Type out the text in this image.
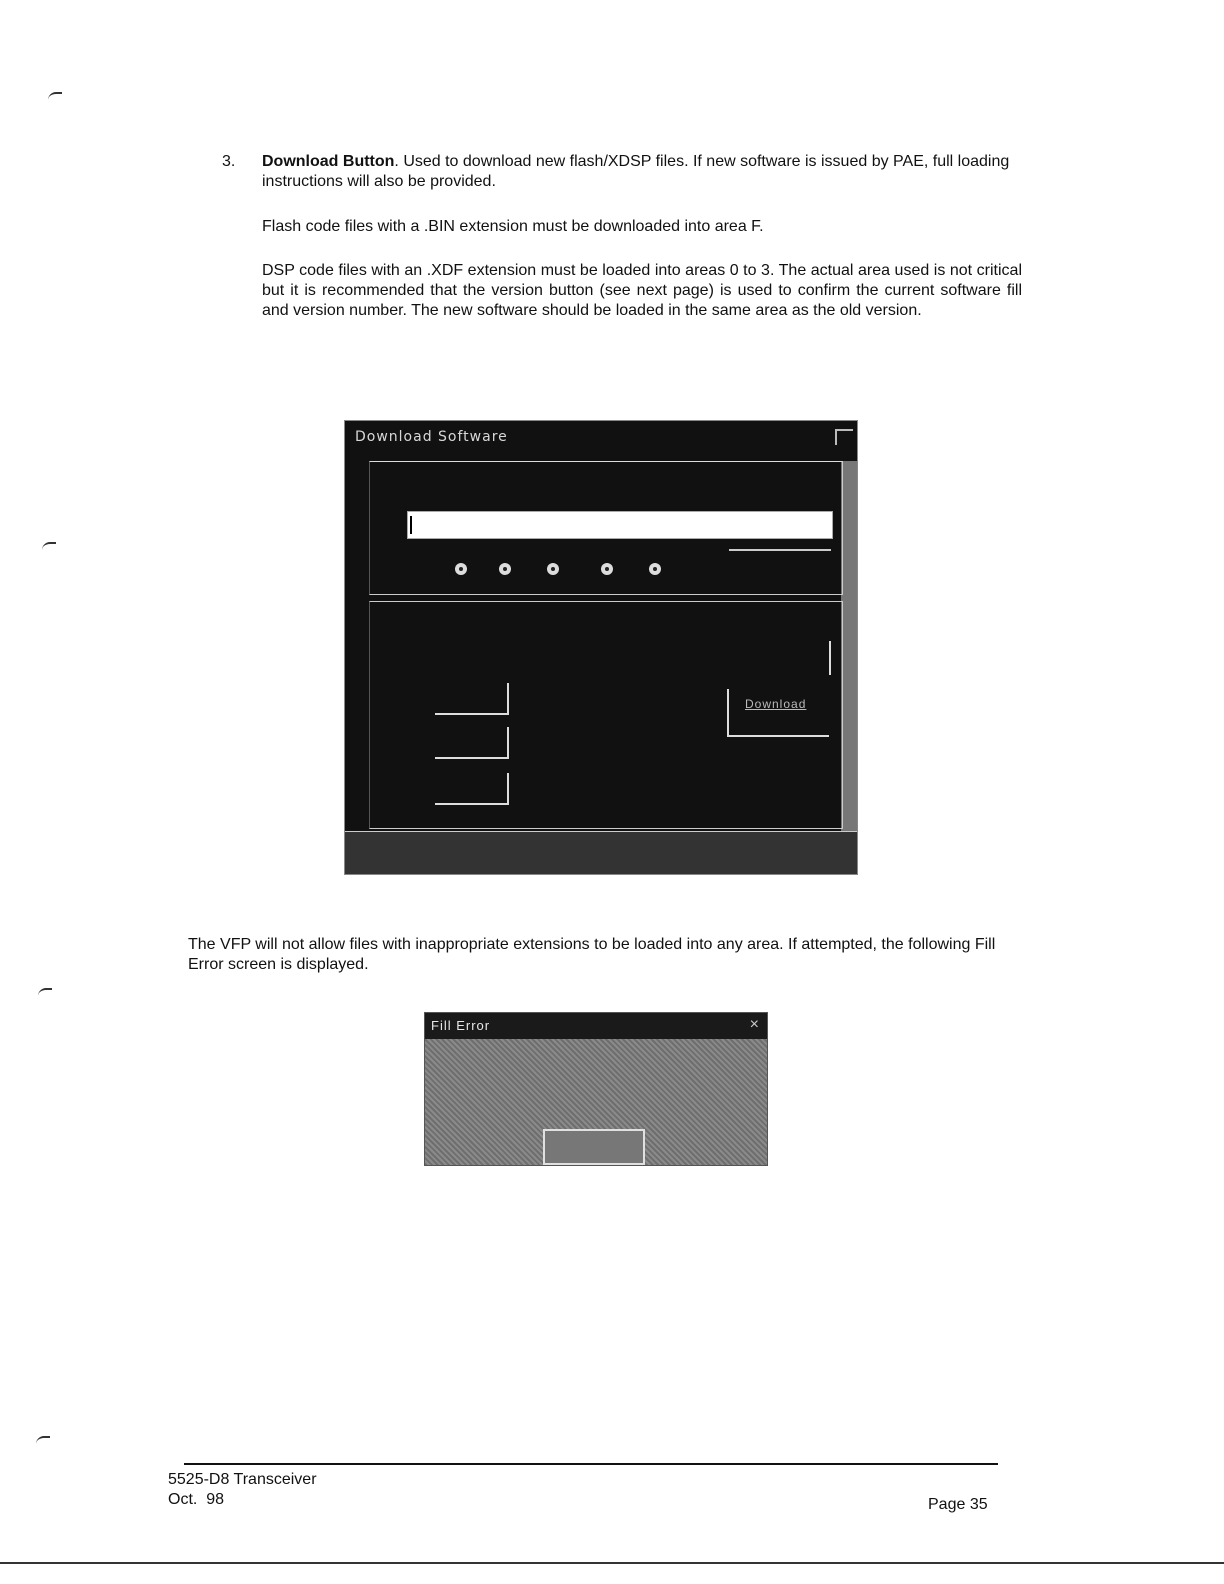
3.	Download Button. Used to download new flash/XDSP files. If new software is issued by PAE, full loading instructions will also be provided.
Flash code files with a .BIN extension must be downloaded into area F.
DSP code files with an .XDF extension must be loaded into areas 0 to 3. The actual area used is not critical but it is recommended that the version button (see next page) is used to confirm the current software fill and version number. The new software should be loaded in the same area as the old version.
Download Software
Download
The VFP will not allow files with inappropriate extensions to be loaded into any area. If attempted, the following Fill Error screen is displayed.
Fill Error	×
5525-D8 Transceiver
Oct.  98	Page 35
